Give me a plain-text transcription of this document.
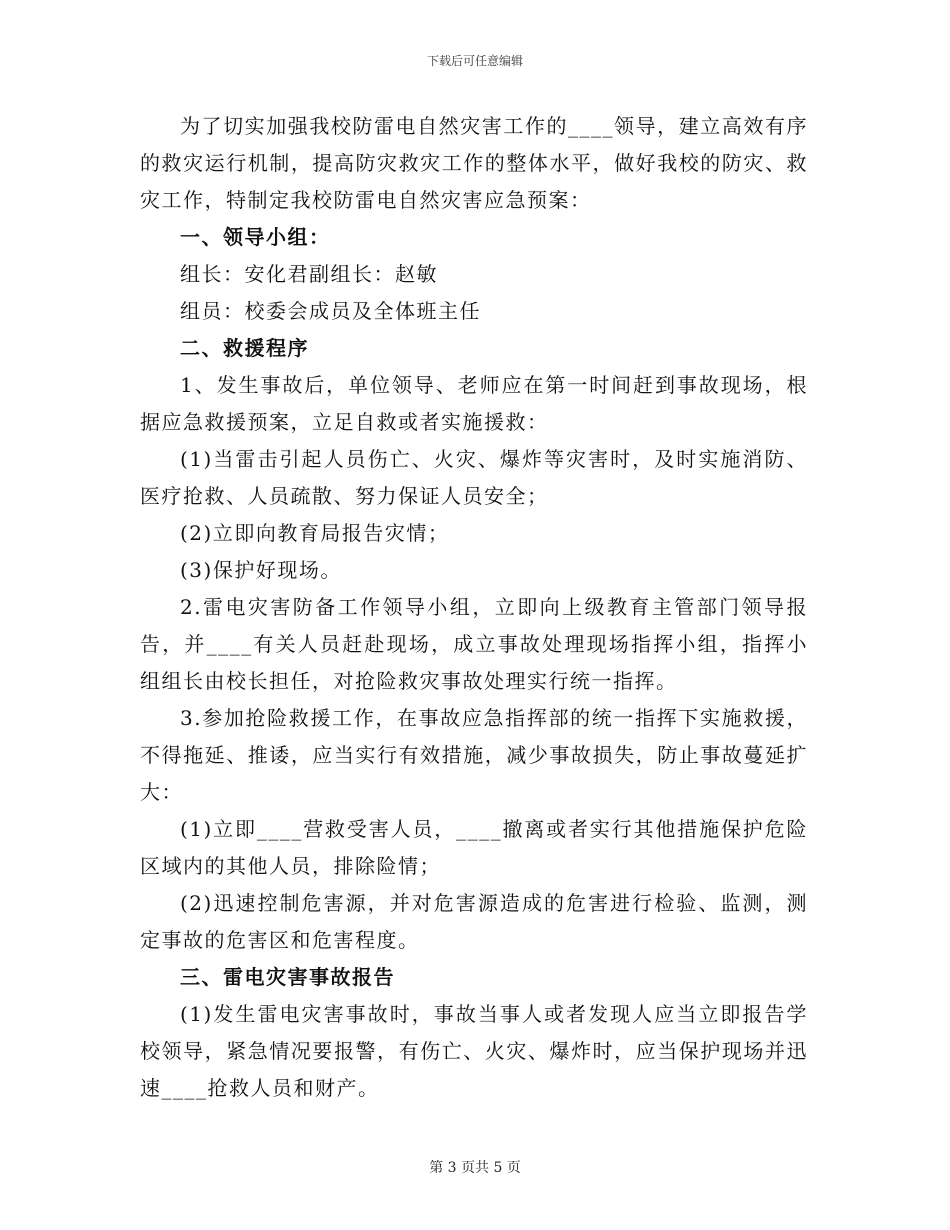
下载后可任意编辑

为了切实加强我校防雷电自然灾害工作的____领导，建立高效有序的救灾运行机制，提高防灾救灾工作的整体水平，做好我校的防灾、救灾工作，特制定我校防雷电自然灾害应急预案：

一、领导小组：

组长：安化君副组长：赵敏

组员：校委会成员及全体班主任

二、救援程序

1、发生事故后，单位领导、老师应在第一时间赶到事故现场，根据应急救援预案，立足自救或者实施援救：

(1)当雷击引起人员伤亡、火灾、爆炸等灾害时，及时实施消防、医疗抢救、人员疏散、努力保证人员安全；

(2)立即向教育局报告灾情；

(3)保护好现场。

2.雷电灾害防备工作领导小组，立即向上级教育主管部门领导报告，并____有关人员赶赴现场，成立事故处理现场指挥小组，指挥小组组长由校长担任，对抢险救灾事故处理实行统一指挥。

3.参加抢险救援工作，在事故应急指挥部的统一指挥下实施救援，不得拖延、推诿，应当实行有效措施，减少事故损失，防止事故蔓延扩大：

(1)立即____营救受害人员，____撤离或者实行其他措施保护危险区域内的其他人员，排除险情；

(2)迅速控制危害源，并对危害源造成的危害进行检验、监测，测定事故的危害区和危害程度。

三、雷电灾害事故报告

(1)发生雷电灾害事故时，事故当事人或者发现人应当立即报告学校领导，紧急情况要报警，有伤亡、火灾、爆炸时，应当保护现场并迅速____抢救人员和财产。

第 3 页共 5 页
